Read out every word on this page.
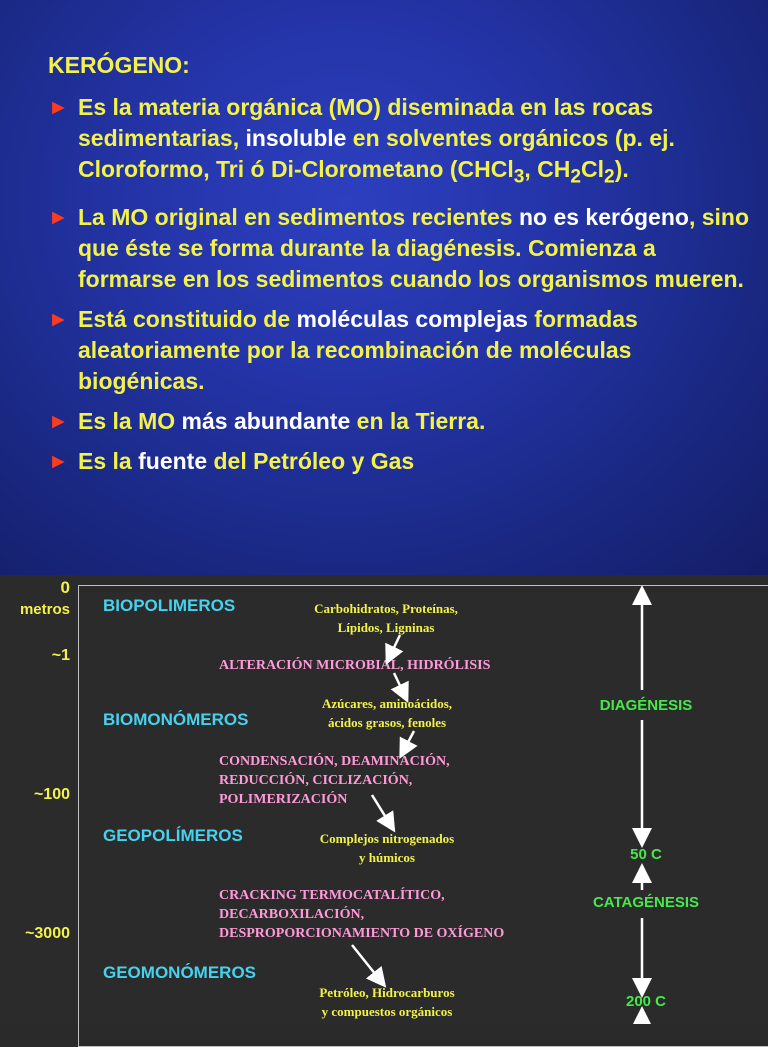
KERÓGENO:
► Es la materia orgánica (MO) diseminada en las rocas sedimentarias, insoluble en solventes orgánicos (p. ej. Cloroformo, Tri ó Di-Clorometano (CHCl$_3$, $CH_2Cl_2$).
► La MO original en sedimentos recientes no es kerógeno, sino que éste se forma durante la diagénesis. Comienza a formarse en los sedimentos cuando los organismos mueren.
► Está constituido de moléculas complejas formadas aleatoriamente por la recombinación de moléculas biogénicas.
► Es la MO más abundante en la Tierra.
► Es la fuente del Petróleo y Gas
0
metros
~1
~100
~3000
BIOPOLIMEROS
BIOMONÓMEROS
GEOPOLÍMEROS
GEOMONÓMEROS
Carbohidratos, Proteínas,
Lípidos, Ligninas
Azúcares, aminoácidos,
ácidos grasos, fenoles
Complejos nitrogenados
y húmicos
Petróleo, Hidrocarburos
y compuestos orgánicos
ALTERACIÓN MICROBIAL, HIDRÓLISIS
CONDENSACIÓN, DEAMINACIÓN,
REDUCCIÓN, CICLIZACIÓN,
POLIMERIZACIÓN
CRACKING TERMOCATALÍTICO,
DECARBOXILACIÓN,
DESPROPORCIONAMIENTO DE OXÍGENO
DIAGÉNESIS
50 C
CATAGÉNESIS
200 C
